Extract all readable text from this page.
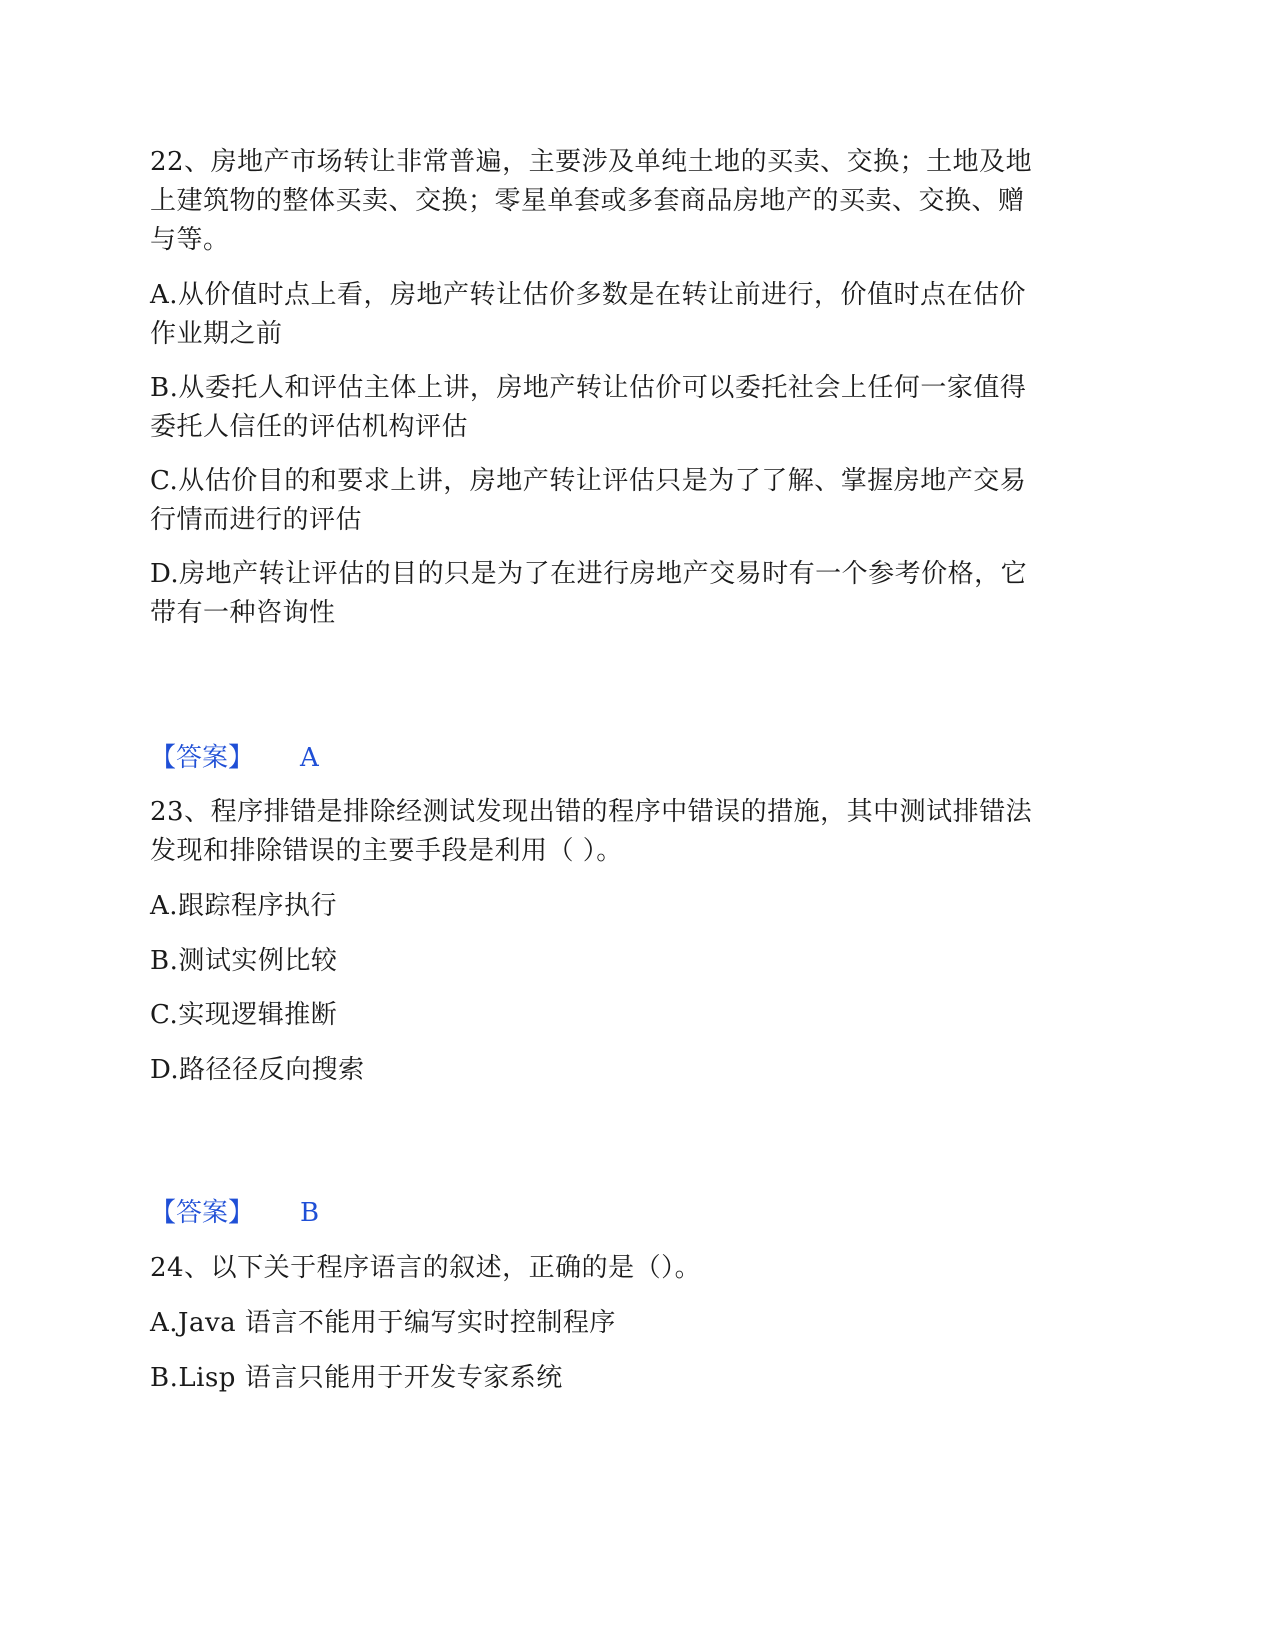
22、房地产市场转让非常普遍，主要涉及单纯土地的买卖、交换；土地及地
上建筑物的整体买卖、交换；零星单套或多套商品房地产的买卖、交换、赠
与等。
A.从价值时点上看，房地产转让估价多数是在转让前进行，价值时点在估价
作业期之前
B.从委托人和评估主体上讲，房地产转让估价可以委托社会上任何一家值得
委托人信任的评估机构评估
C.从估价目的和要求上讲，房地产转让评估只是为了了解、掌握房地产交易
行情而进行的评估
D.房地产转让评估的目的只是为了在进行房地产交易时有一个参考价格，它
带有一种咨询性
【答案】 A
23、程序排错是排除经测试发现出错的程序中错误的措施，其中测试排错法
发现和排除错误的主要手段是利用（ ）。
A.跟踪程序执行
B.测试实例比较
C.实现逻辑推断
D.路径径反向搜索
【答案】 B
24、以下关于程序语言的叙述，正确的是（）。
A.Java 语言不能用于编写实时控制程序
B.Lisp 语言只能用于开发专家系统
